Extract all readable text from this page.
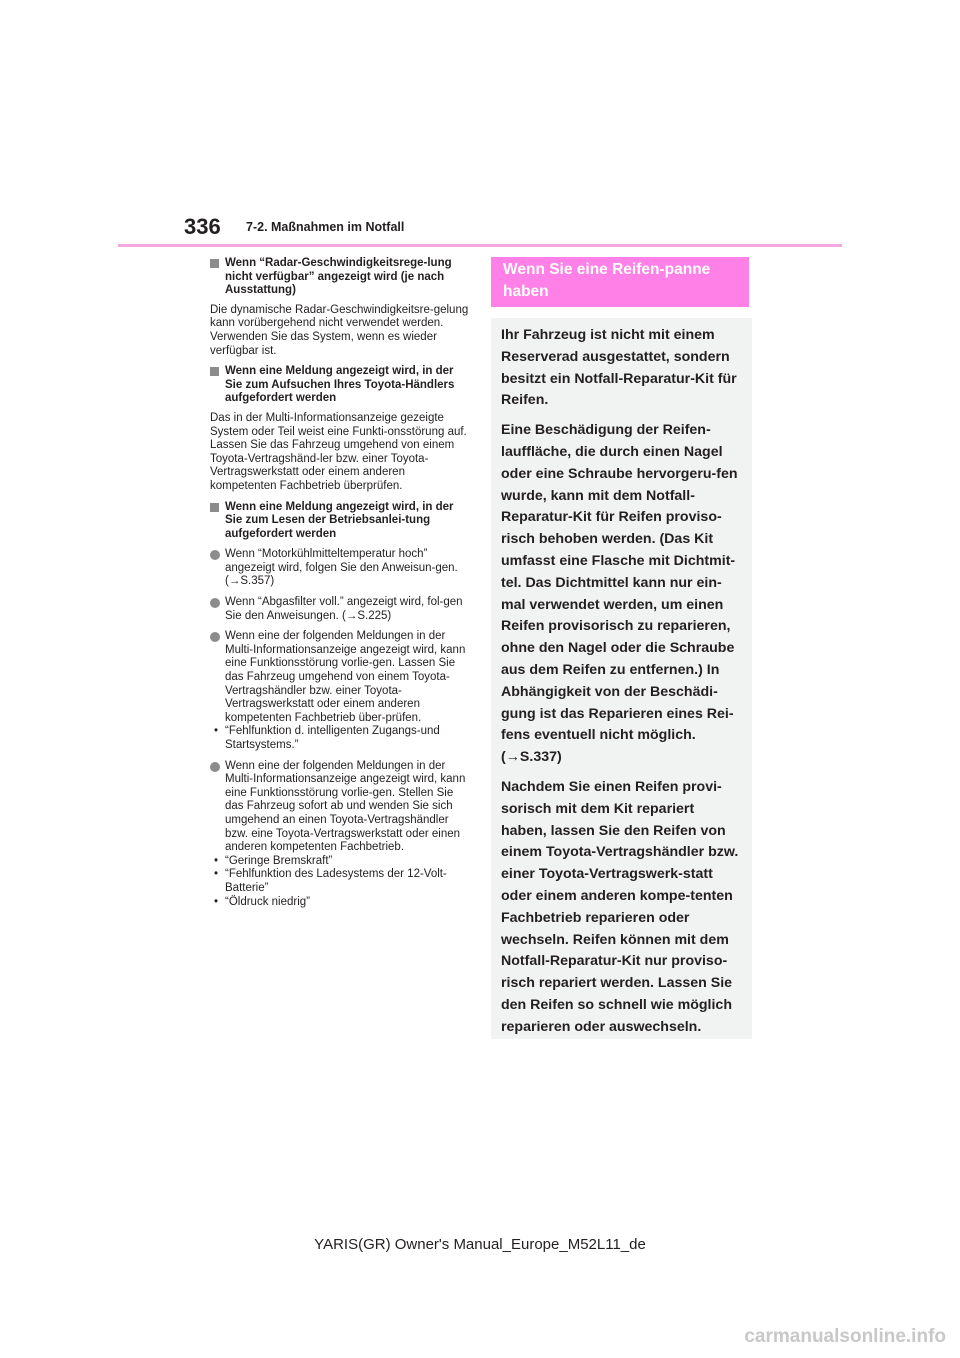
336 7-2. Maßnahmen im Notfall
Wenn “Radar-Geschwindigkeitsrege-lung nicht verfügbar” angezeigt wird (je nach Ausstattung)
Die dynamische Radar-Geschwindigkeitsre-gelung kann vorübergehend nicht verwendet werden. Verwenden Sie das System, wenn es wieder verfügbar ist.
Wenn eine Meldung angezeigt wird, in der Sie zum Aufsuchen Ihres Toyota-Händlers aufgefordert werden
Das in der Multi-Informationsanzeige gezeigte System oder Teil weist eine Funkti-onsstörung auf. Lassen Sie das Fahrzeug umgehend von einem Toyota-Vertragshänd-ler bzw. einer Toyota-Vertragswerkstatt oder einem anderen kompetenten Fachbetrieb überprüfen.
Wenn eine Meldung angezeigt wird, in der Sie zum Lesen der Betriebsanlei-tung aufgefordert werden
Wenn “Motorkühlmitteltemperatur hoch” angezeigt wird, folgen Sie den Anweisun-gen. (→S.357)
Wenn “Abgasfilter voll.” angezeigt wird, fol-gen Sie den Anweisungen. (→S.225)
Wenn eine der folgenden Meldungen in der Multi-Informationsanzeige angezeigt wird, kann eine Funktionsstörung vorlie-gen. Lassen Sie das Fahrzeug umgehend von einem Toyota-Vertragshändler bzw. einer Toyota-Vertragswerkstatt oder einem anderen kompetenten Fachbetrieb über-prüfen.
• “Fehlfunktion d. intelligenten Zugangs-und Startsystems.”
Wenn eine der folgenden Meldungen in der Multi-Informationsanzeige angezeigt wird, kann eine Funktionsstörung vorlie-gen. Stellen Sie das Fahrzeug sofort ab und wenden Sie sich umgehend an einen Toyota-Vertragshändler bzw. eine Toyota-Vertragswerkstatt oder einen anderen kompetenten Fachbetrieb.
• “Geringe Bremskraft”
• “Fehlfunktion des Ladesystems der 12-Volt-Batterie”
• “Öldruck niedrig”
Wenn Sie eine Reifen-panne haben

Ihr Fahrzeug ist nicht mit einem Reserverad ausgestattet, sondern besitzt ein Notfall-Reparatur-Kit für Reifen.

Eine Beschädigung der Reifen-lauffläche, die durch einen Nagel oder eine Schraube hervorgeru-fen wurde, kann mit dem Notfall-Reparatur-Kit für Reifen proviso-risch behoben werden. (Das Kit umfasst eine Flasche mit Dichtmit-tel. Das Dichtmittel kann nur ein-mal verwendet werden, um einen Reifen provisorisch zu reparieren, ohne den Nagel oder die Schraube aus dem Reifen zu entfernen.) In Abhängigkeit von der Beschädi-gung ist das Reparieren eines Rei-fens eventuell nicht möglich. (→S.337)

Nachdem Sie einen Reifen provi-sorisch mit dem Kit repariert haben, lassen Sie den Reifen von einem Toyota-Vertragshändler bzw. einer Toyota-Vertragswerk-statt oder einem anderen kompe-tenten Fachbetrieb reparieren oder wechseln. Reifen können mit dem Notfall-Reparatur-Kit nur proviso-risch repariert werden. Lassen Sie den Reifen so schnell wie möglich reparieren oder auswechseln.

YARIS(GR) Owner's Manual_Europe_M52L11_de
carmanualsonline.info
